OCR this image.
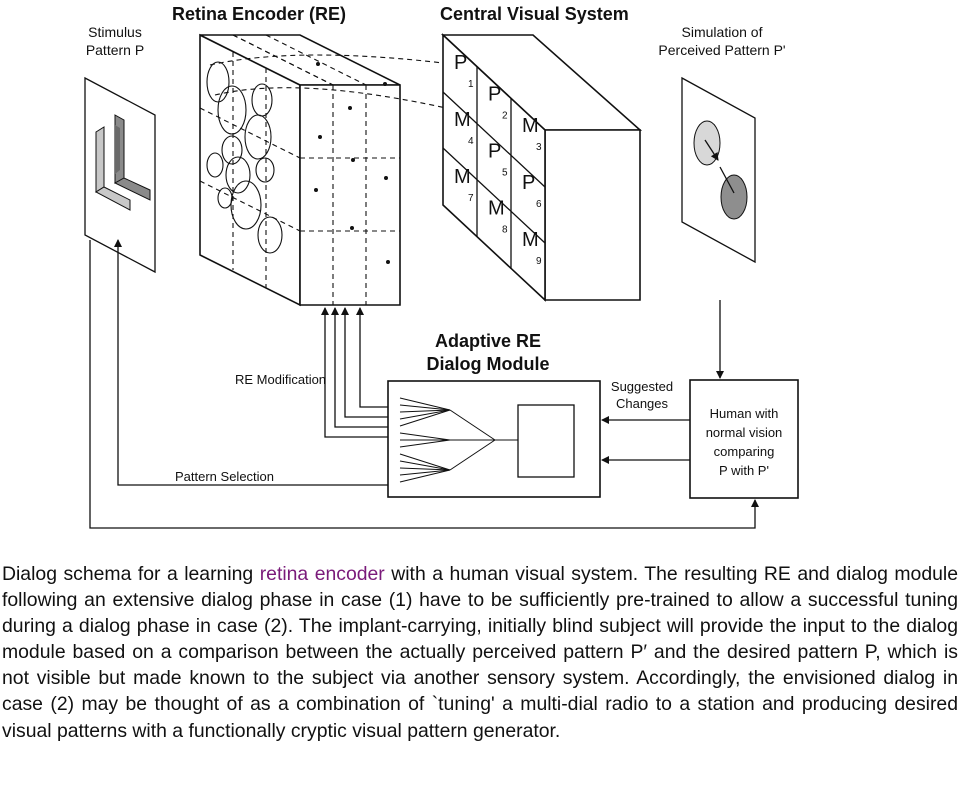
Retina Encoder (RE)	Central Visual System
Stimulus
Pattern P
Simulation of
Perceived Pattern P'
P
1 P
2 M
3
M
4 P
5 P
6
M
7 M
8 M
9
Adaptive RE
Dialog Module
Human with
normal vision
comparing
P with P'
RE Modification
Pattern Selection
Suggested
Changes

Dialog schema for a learning retina encoder with a human visual system. The resulting RE and dialog module following an extensive dialog phase in case (1) have to be sufficiently pre-trained to allow a successful tuning during a dialog phase in case (2). The implant-carrying, initially blind subject will provide the input to the dialog module based on a comparison between the actually perceived pattern P′ and the desired pattern P, which is not visible but made known to the subject via another sensory system. Accordingly, the envisioned dialog in case (2) may be thought of as a combination of `tuning' a multi-dial radio to a station and producing desired visual patterns with a functionally cryptic visual pattern generator.
